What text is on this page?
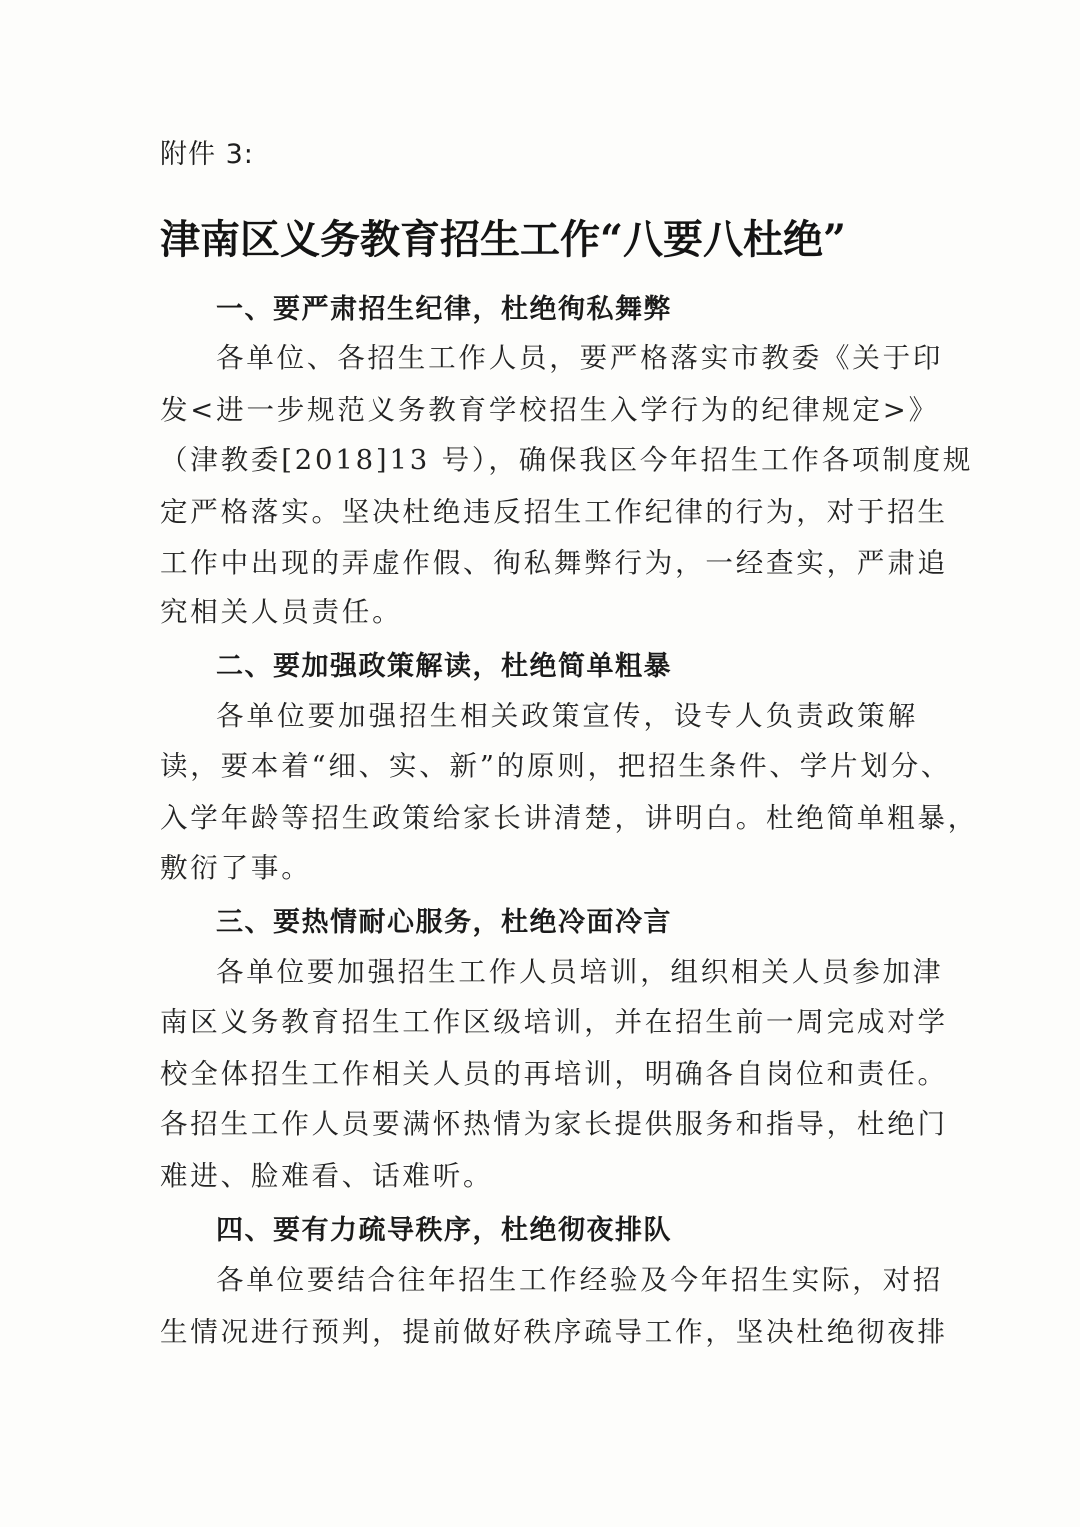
附件 3:
津南区义务教育招生工作“八要八杜绝”
一、要严肃招生纪律，杜绝徇私舞弊
各单位、各招生工作人员，要严格落实市教委《关于印
发<进一步规范义务教育学校招生入学行为的纪律规定>》
（津教委[2018]13 号），确保我区今年招生工作各项制度规
定严格落实。坚决杜绝违反招生工作纪律的行为，对于招生
工作中出现的弄虚作假、徇私舞弊行为，一经查实，严肃追
究相关人员责任。
二、要加强政策解读，杜绝简单粗暴
各单位要加强招生相关政策宣传，设专人负责政策解
读，要本着“细、实、新”的原则，把招生条件、学片划分、
入学年龄等招生政策给家长讲清楚，讲明白。杜绝简单粗暴，
敷衍了事。
三、要热情耐心服务，杜绝冷面冷言
各单位要加强招生工作人员培训，组织相关人员参加津
南区义务教育招生工作区级培训，并在招生前一周完成对学
校全体招生工作相关人员的再培训，明确各自岗位和责任。
各招生工作人员要满怀热情为家长提供服务和指导，杜绝门
难进、脸难看、话难听。
四、要有力疏导秩序，杜绝彻夜排队
各单位要结合往年招生工作经验及今年招生实际，对招
生情况进行预判，提前做好秩序疏导工作，坚决杜绝彻夜排
